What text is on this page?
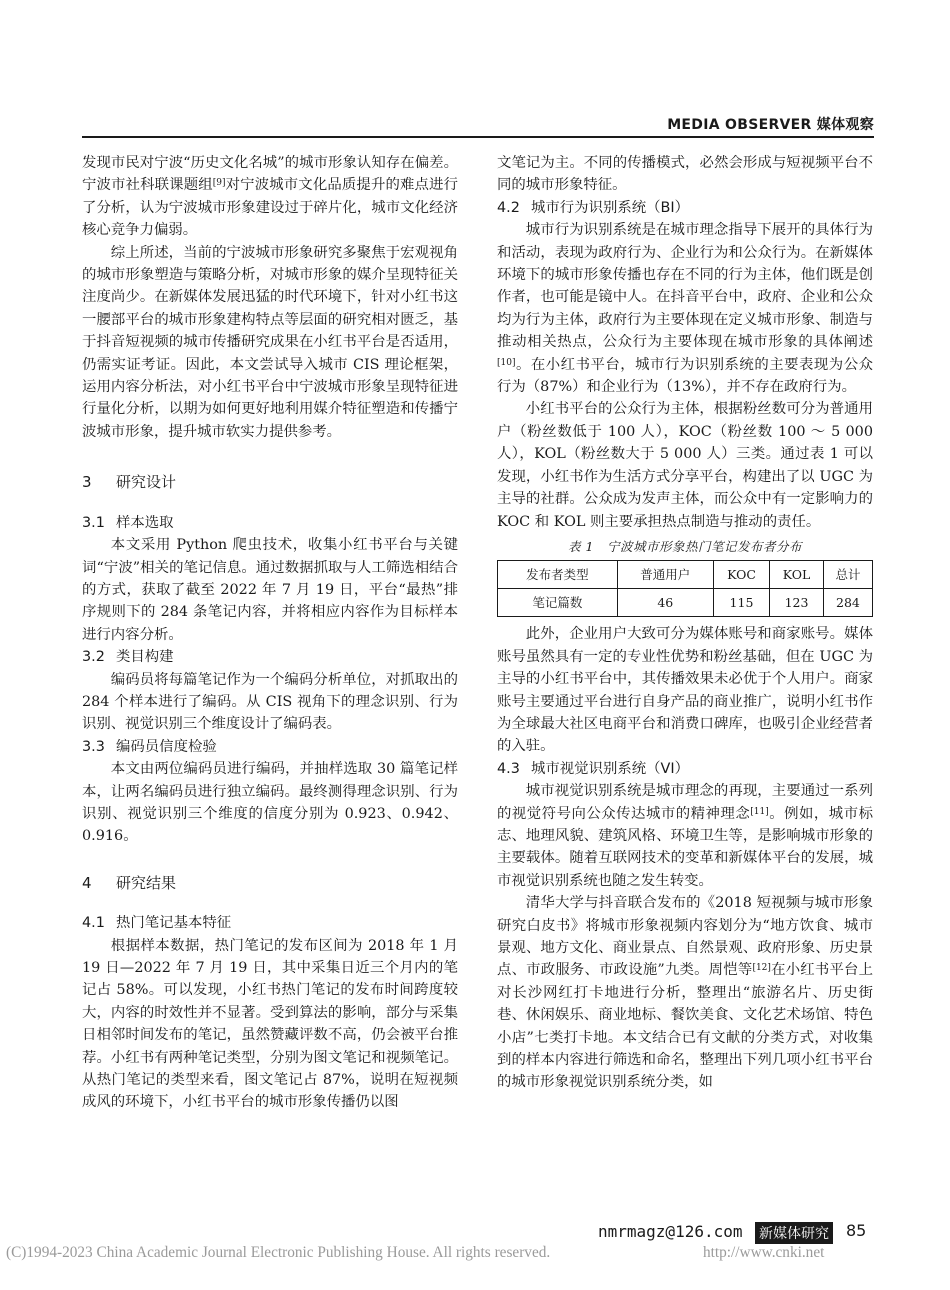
MEDIA OBSERVER 媒体观察

发现市民对宁波“历史文化名城”的城市形象认知存在偏差。宁波市社科联课题组[9]对宁波城市文化品质提升的难点进行了分析，认为宁波城市形象建设过于碎片化，城市文化经济核心竞争力偏弱。

综上所述，当前的宁波城市形象研究多聚焦于宏观视角的城市形象塑造与策略分析，对城市形象的媒介呈现特征关注度尚少。在新媒体发展迅猛的时代环境下，针对小红书这一腰部平台的城市形象建构特点等层面的研究相对匮乏，基于抖音短视频的城市传播研究成果在小红书平台是否适用，仍需实证考证。因此，本文尝试导入城市 CIS 理论框架，运用内容分析法，对小红书平台中宁波城市形象呈现特征进行量化分析，以期为如何更好地利用媒介特征塑造和传播宁波城市形象，提升城市软实力提供参考。

3 研究设计
3.1 样本选取

本文采用 Python 爬虫技术，收集小红书平台与关键词“宁波”相关的笔记信息。通过数据抓取与人工筛选相结合的方式，获取了截至 2022 年 7 月 19 日，平台“最热”排序规则下的 284 条笔记内容，并将相应内容作为目标样本进行内容分析。

3.2 类目构建

编码员将每篇笔记作为一个编码分析单位，对抓取出的 284 个样本进行了编码。从 CIS 视角下的理念识别、行为识别、视觉识别三个维度设计了编码表。

3.3 编码员信度检验

本文由两位编码员进行编码，并抽样选取 30 篇笔记样本，让两名编码员进行独立编码。最终测得理念识别、行为识别、视觉识别三个维度的信度分别为 0.923、0.942、0.916。

4 研究结果
4.1 热门笔记基本特征

根据样本数据，热门笔记的发布区间为 2018 年 1 月 19 日—2022 年 7 月 19 日，其中采集日近三个月内的笔记占 58%。可以发现，小红书热门笔记的发布时间跨度较大，内容的时效性并不显著。受到算法的影响，部分与采集日相邻时间发布的笔记，虽然赞藏评数不高，仍会被平台推荐。小红书有两种笔记类型，分别为图文笔记和视频笔记。从热门笔记的类型来看，图文笔记占 87%，说明在短视频成风的环境下，小红书平台的城市形象传播仍以图

文笔记为主。不同的传播模式，必然会形成与短视频平台不同的城市形象特征。

4.2 城市行为识别系统（BI）

城市行为识别系统是在城市理念指导下展开的具体行为和活动，表现为政府行为、企业行为和公众行为。在新媒体环境下的城市形象传播也存在不同的行为主体，他们既是创作者，也可能是镜中人。在抖音平台中，政府、企业和公众均为行为主体，政府行为主要体现在定义城市形象、制造与推动相关热点，公众行为主要体现在城市形象的具体阐述[10]。在小红书平台，城市行为识别系统的主要表现为公众行为（87%）和企业行为（13%），并不存在政府行为。

小红书平台的公众行为主体，根据粉丝数可分为普通用户（粉丝数低于 100 人），KOC（粉丝数 100 ～ 5 000 人），KOL（粉丝数大于 5 000 人）三类。通过表 1 可以发现，小红书作为生活方式分享平台，构建出了以 UGC 为主导的社群。公众成为发声主体，而公众中有一定影响力的 KOC 和 KOL 则主要承担热点制造与推动的责任。

表 1　宁波城市形象热门笔记发布者分布
发布者类型	普通用户	KOC	KOL	总计
笔记篇数	46	115	123	284

此外，企业用户大致可分为媒体账号和商家账号。媒体账号虽然具有一定的专业性优势和粉丝基础，但在 UGC 为主导的小红书平台中，其传播效果未必优于个人用户。商家账号主要通过平台进行自身产品的商业推广，说明小红书作为全球最大社区电商平台和消费口碑库，也吸引企业经营者的入驻。

4.3 城市视觉识别系统（VI）

城市视觉识别系统是城市理念的再现，主要通过一系列的视觉符号向公众传达城市的精神理念[11]。例如，城市标志、地理风貌、建筑风格、环境卫生等，是影响城市形象的主要载体。随着互联网技术的变革和新媒体平台的发展，城市视觉识别系统也随之发生转变。

清华大学与抖音联合发布的《2018 短视频与城市形象研究白皮书》将城市形象视频内容划分为“地方饮食、城市景观、地方文化、商业景点、自然景观、政府形象、历史景点、市政服务、市政设施”九类。周恺等[12]在小红书平台上对长沙网红打卡地进行分析，整理出“旅游名片、历史街巷、休闲娱乐、商业地标、餐饮美食、文化艺术场馆、特色小店”七类打卡地。本文结合已有文献的分类方式，对收集到的样本内容进行筛选和命名，整理出下列几项小红书平台的城市形象视觉识别系统分类，如

nmrmagz@126.com 新媒体研究 85
(C)1994-2023 China Academic Journal Electronic Publishing House. All rights reserved.	http://www.cnki.net
